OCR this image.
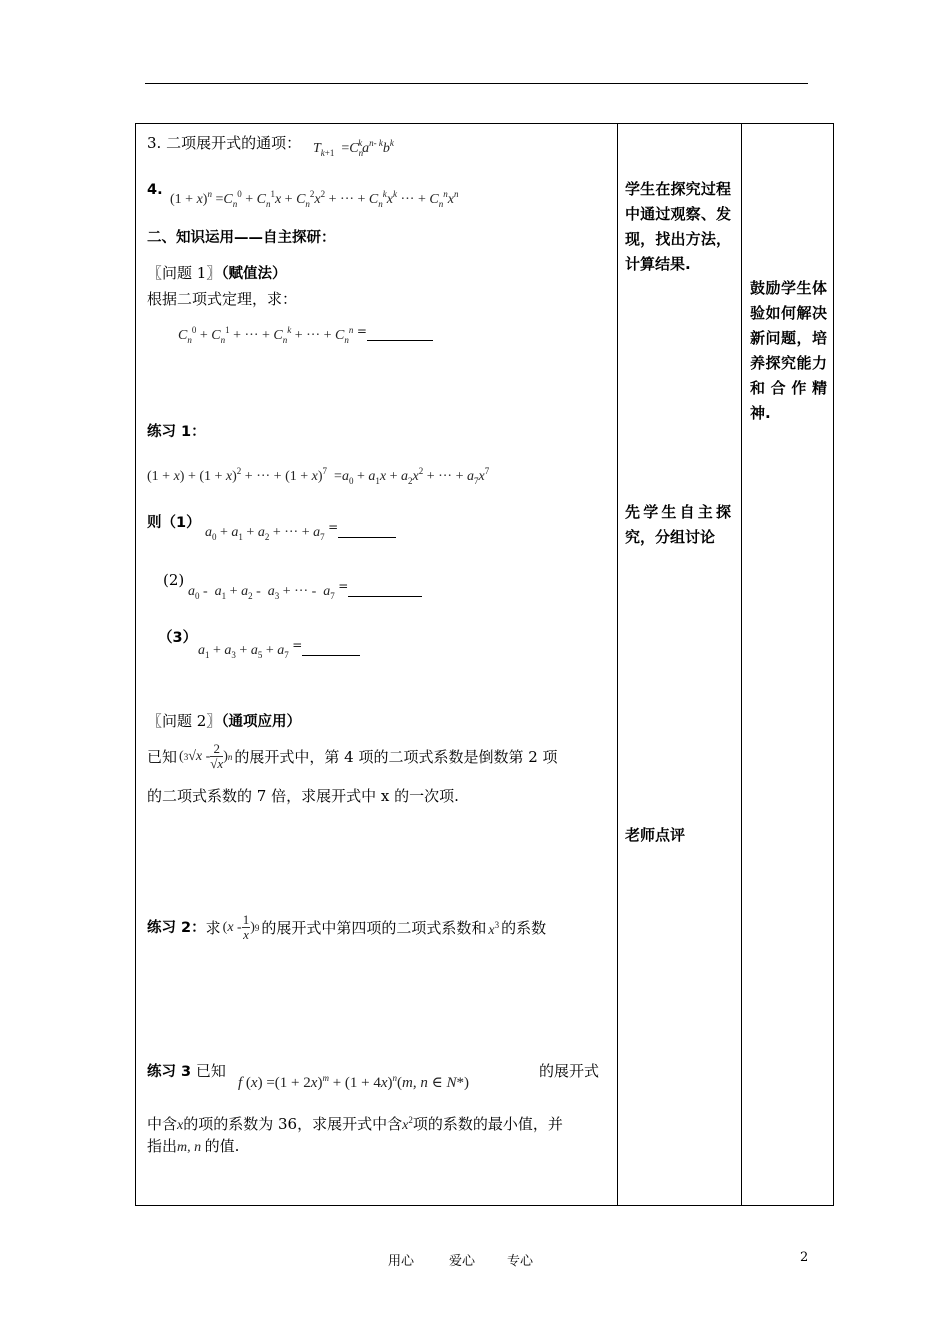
3. 二项展开式的通项： $T_{k+1} =C_n^ka^{n- k}b^k$
4.
$(1 + x)^n =C_n^0 + C_n^1x + C_n^2x^2$ + ··· + $C_n^kx^k$ ··· + $C_n^nx^n$
二、知识运用——自主探研：
〖问题 1〗（赋值法）
根据二项式定理，求：
$C_n^0 + C_n^1$ + ··· + $C_n^k$ + ··· + $C_n^n$ =
练习 1：
$(1 + x) + (1 + x)^2$ + ··· + $(1 + x)^7 =a_0 + a_1x + a_2x^2$ + ··· + $a_7x^7$
则（1）
$a_0 + a_1 + a_2$ + ··· + $a_7$ =
(2)
$a_0 - a_1 + a_2 - a_3$ + ··· -  $a_7$ =
（3）
$a_1 + a_3 + a_5 + a_7$ =
〖问题 2〗（通项应用）
已知 ( 3 √ x - $\frac{2}{√x}$ ) n 的展开式中，第 4 项的二项式系数是倒数第 2 项
的二项式系数的 7 倍，求展开式中 x 的一次项.
练习 2： 求 ( x - $\frac{1}{x}$ ) 9 的展开式中第四项的二项式系数和 $x^3$ 的系数
练习 3 已知
f $(x) =(1 + 2x)^m + (1 + 4x)^n(m$, n ∈ N*)
的展开式
中含x的项的系数为 36，求展开式中含$x^2$项的系数的最小值，并
指出m, n 的值.
学生在探究过程中通过观察、发现，找出方法，计算结果.
先学生自主探究，分组讨论
老师点评
鼓励学生体验如何解决新问题，培养探究能力和合作精神.
用心	爱心 专心	2
